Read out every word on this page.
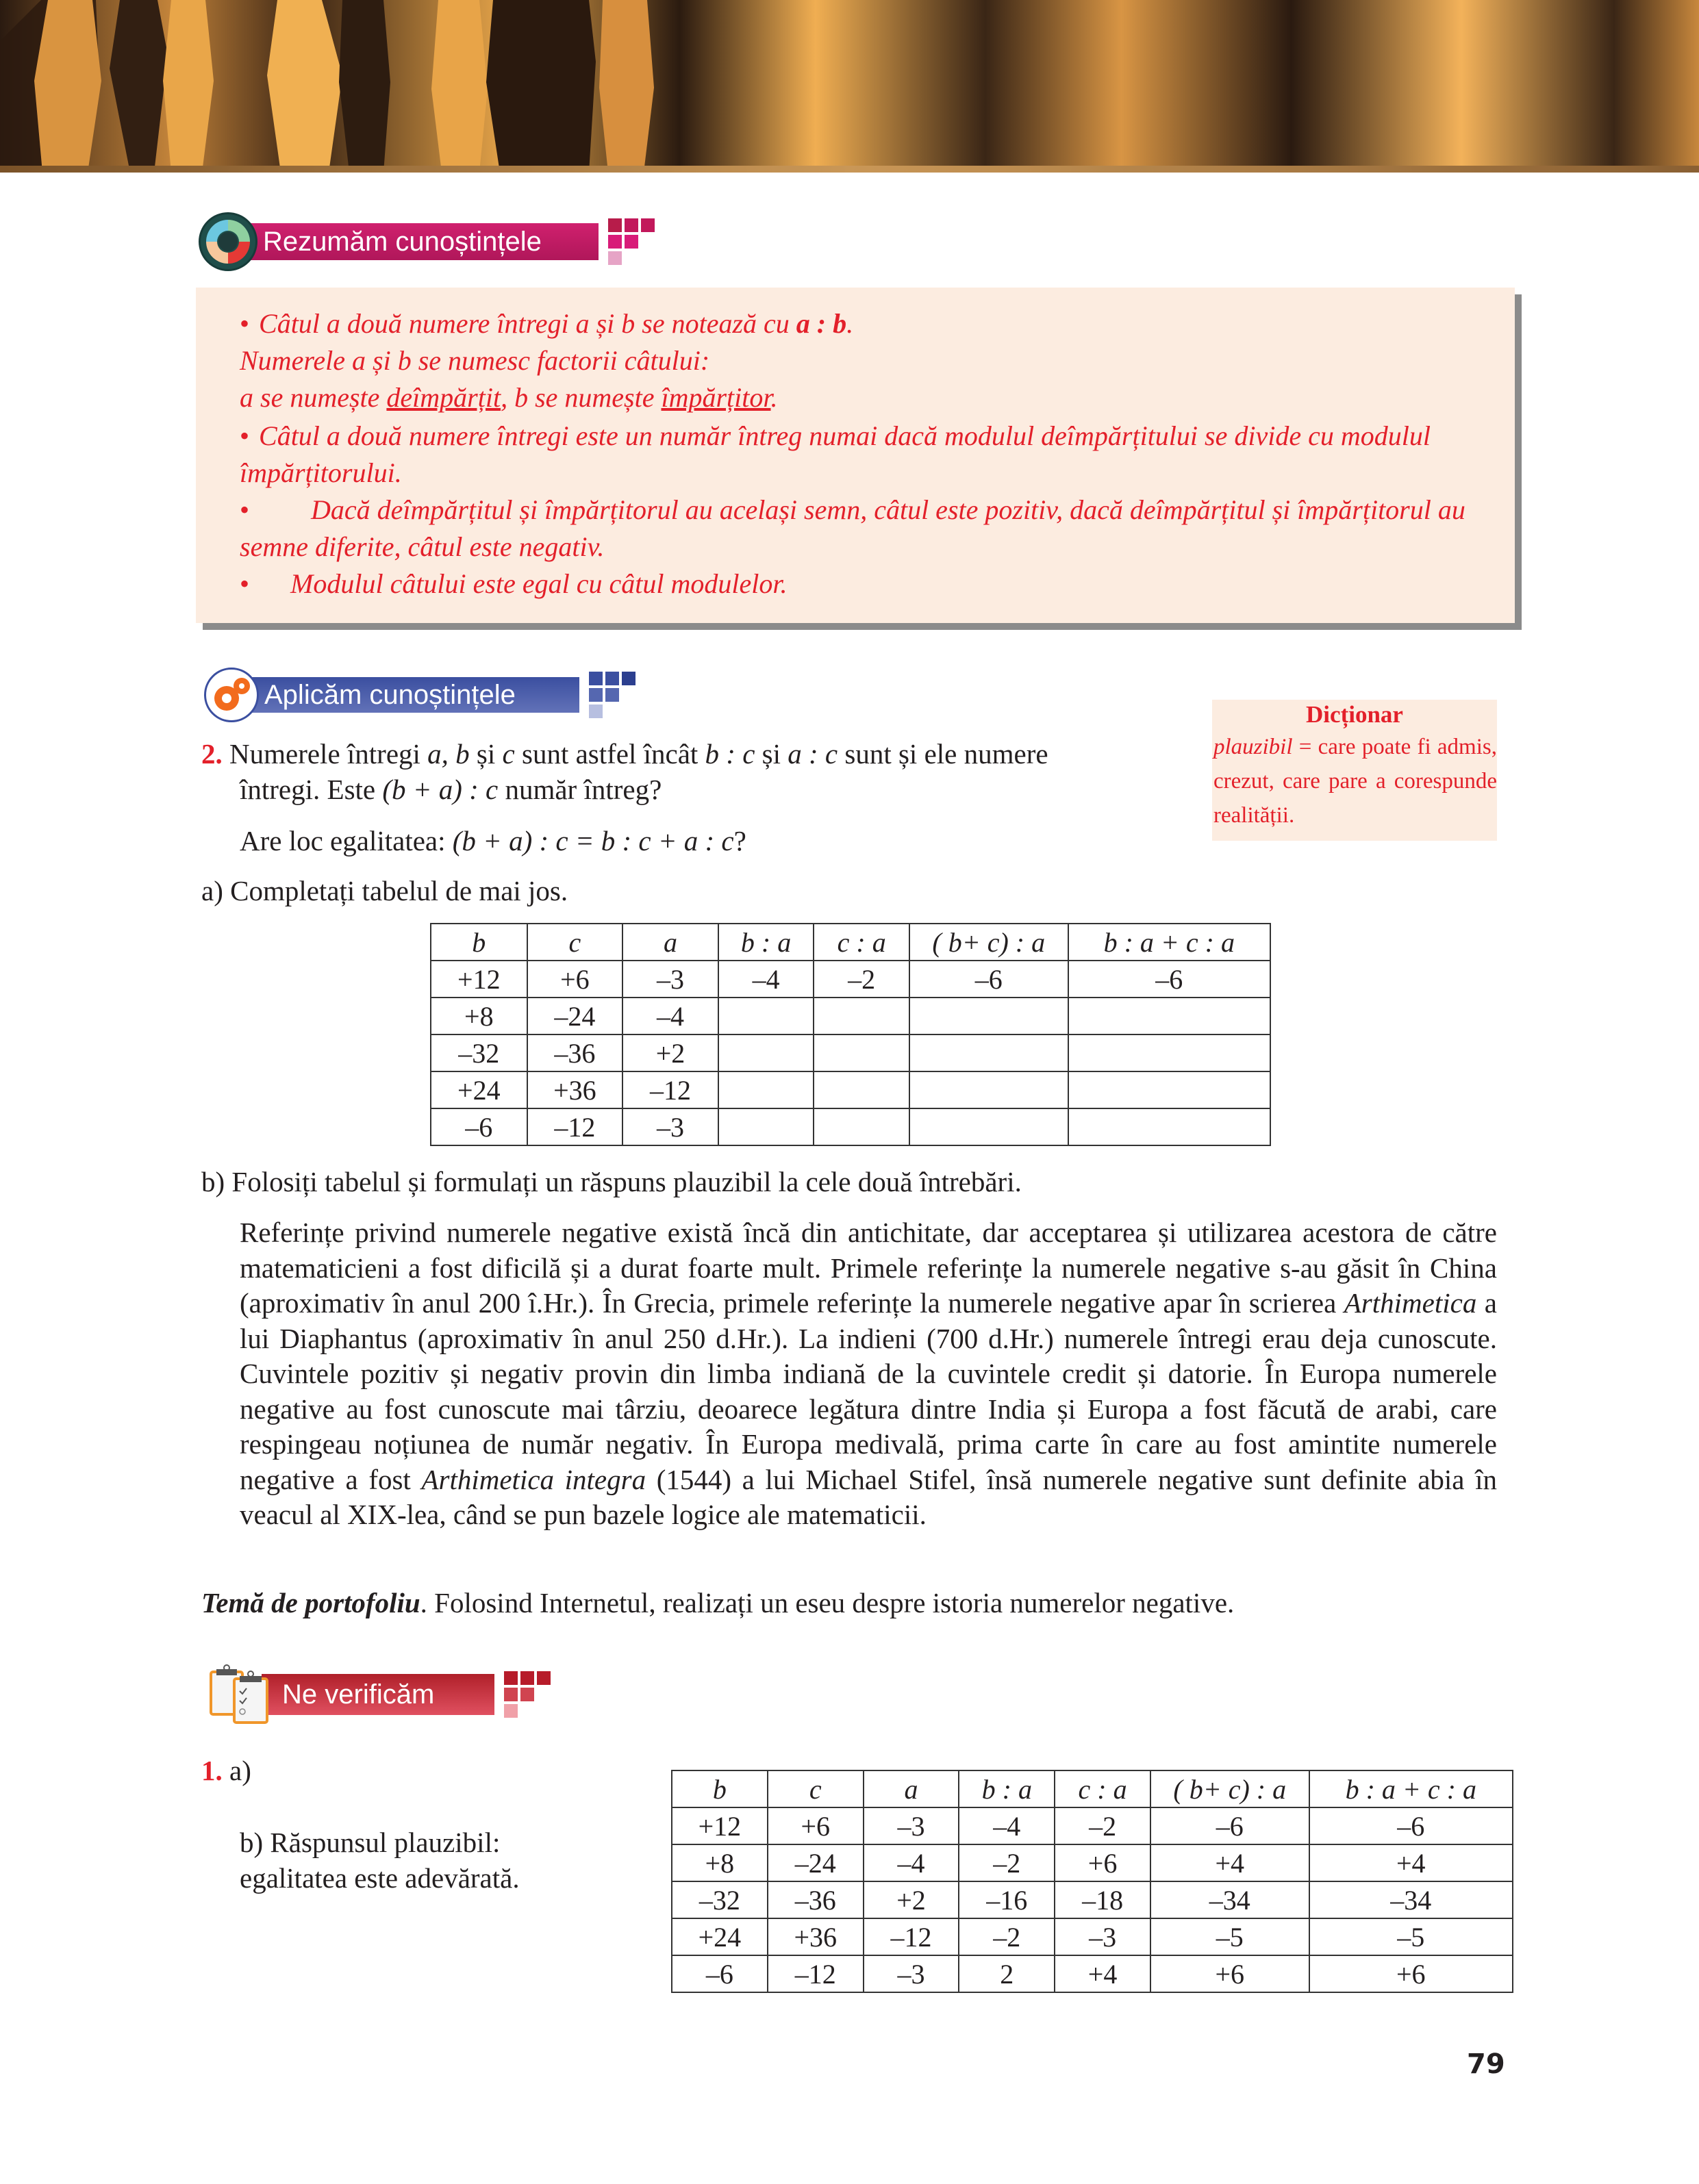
Rezumăm cunoștințele

• Câtul a două numere întregi a și b se notează cu a : b.

Numerele a și b se numesc factorii câtului:

a se numește deîmpărțit, b se numește împărțitor.

• Câtul a două numere întregi este un număr întreg numai dacă modulul deîmpărțitului se divide cu modulul împărțitorului.

• Dacă deîmpărțitul și împărțitorul au același semn, câtul este pozitiv, dacă deîmpărțitul și împărțitorul au semne diferite, câtul este negativ.

• Modulul câtului este egal cu câtul modulelor.

Aplicăm cunoștințele
2. Numerele întregi a, b și c sunt astfel încât b : c și a : c sunt și ele numere
întregi. Este (b + a) : c număr întreg?
Are loc egalitatea: (b + a) : c = b : c + a : c?
a) Completați tabelul de mai jos.
Dicționar
plauzibil = care poate fi admis, crezut, care pare a corespunde realității.
b	c	a	b : a	c : a	( b+ c) : a	b : a + c : a
+12	+6	–3	–4	–2	–6	–6
+8	–24	–4				
–32	–36	+2				
+24	+36	–12				
–6	–12	–3				
b) Folosiți tabelul și formulați un răspuns plauzibil la cele două întrebări.
Referințe privind numerele negative există încă din antichitate, dar acceptarea și utilizarea acestora de către matematicieni a fost dificilă și a durat foarte mult. Primele referințe la numerele negative s-au găsit în China (aproximativ în anul 200 î.Hr.). În Grecia, primele referințe la numerele negative apar în scrierea Arthimetica a lui Diaphantus (aproximativ în anul 250 d.Hr.). La indieni (700 d.Hr.) numerele întregi erau deja cunoscute. Cuvintele pozitiv și negativ provin din limba indiană de la cuvintele credit și datorie. În Europa numerele negative au fost cunoscute mai târziu, deoarece legătura dintre India și Europa a fost făcută de arabi, care respingeau noțiunea de număr negativ. În Europa medivală, prima carte în care au fost amintite numerele negative a fost Arthimetica integra (1544) a lui Michael Stifel, însă numerele negative sunt definite abia în veacul al XIX-lea, când se pun bazele logice ale matematicii.
Temă de portofoliu. Folosind Internetul, realizați un eseu despre istoria numerelor negative.
Ne verificăm
1. a)
b) Răspunsul plauzibil:
egalitatea este adevărată.
b	c	a	b : a	c : a	( b+ c) : a	b : a + c : a
+12	+6	–3	–4	–2	–6	–6
+8	–24	–4	–2	+6	+4	+4
–32	–36	+2	–16	–18	–34	–34
+24	+36	–12	–2	–3	–5	–5
–6	–12	–3	2	+4	+6	+6
79
